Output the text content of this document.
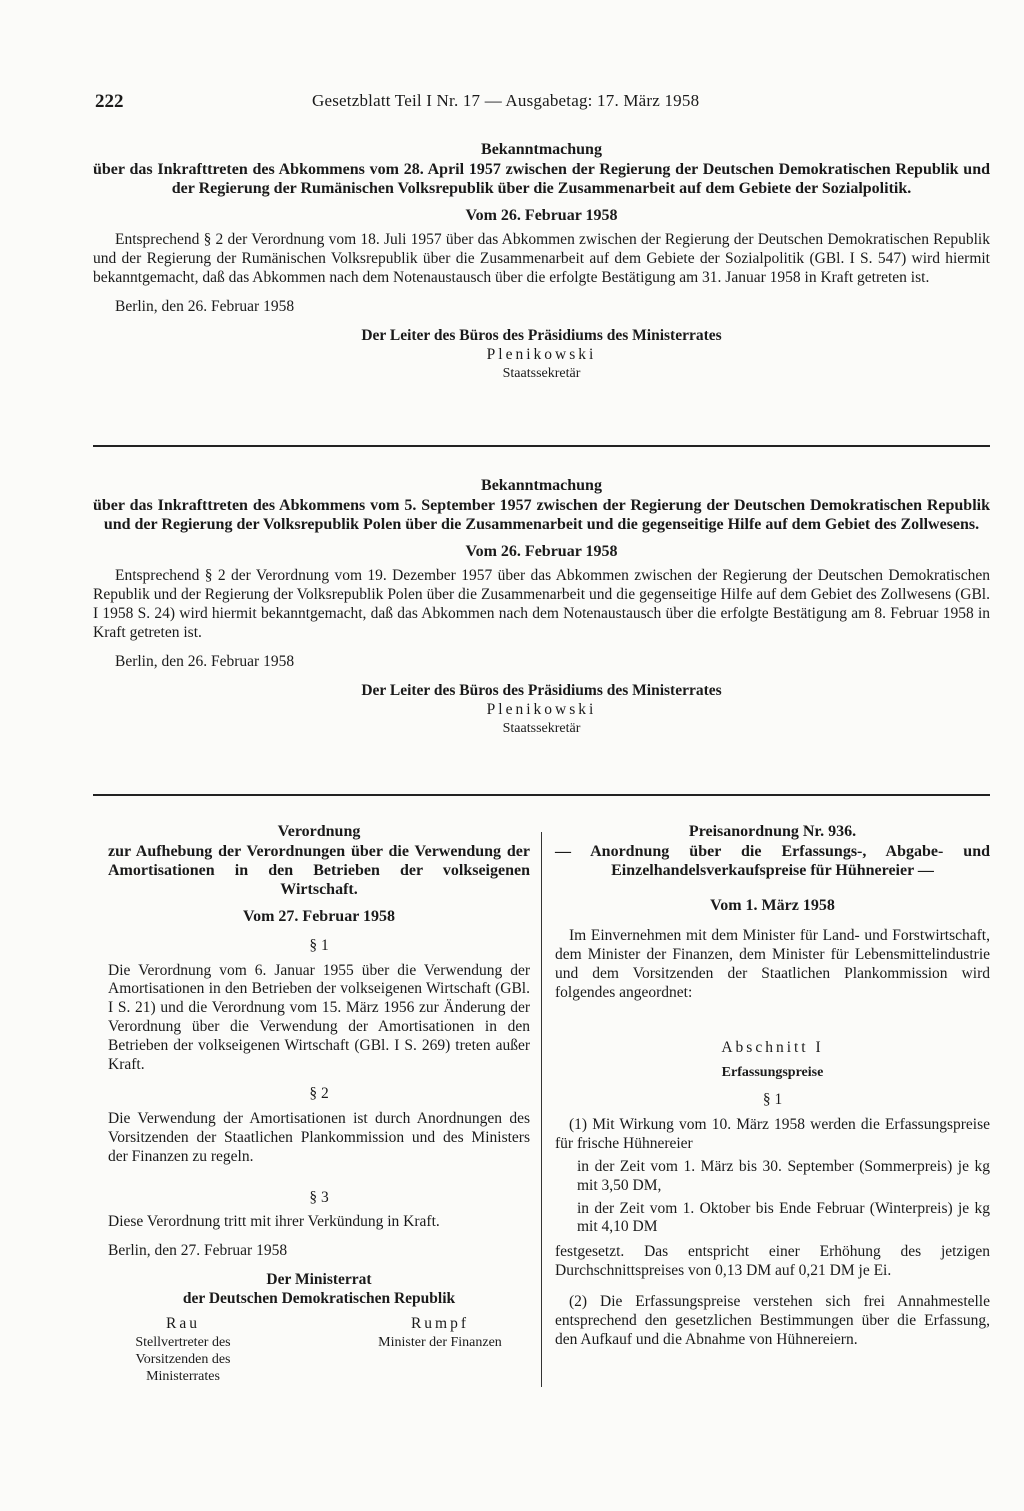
222	Gesetzblatt Teil I Nr. 17 — Ausgabetag: 17. März 1958
Bekanntmachung
über das Inkrafttreten des Abkommens vom 28. April 1957 zwischen der Regierung der Deutschen Demokratischen Republik und der Regierung der Rumänischen Volksrepublik über die Zusammenarbeit auf dem Gebiete der Sozialpolitik.
Vom 26. Februar 1958
Entsprechend § 2 der Verordnung vom 18. Juli 1957 über das Abkommen zwischen der Regierung der Deutschen Demokratischen Republik und der Regierung der Rumänischen Volksrepublik über die Zusammenarbeit auf dem Gebiete der Sozialpolitik (GBl. I S. 547) wird hiermit bekanntgemacht, daß das Abkommen nach dem Notenaustausch über die erfolgte Bestätigung am 31. Januar 1958 in Kraft getreten ist.
Berlin, den 26. Februar 1958
Der Leiter des Büros des Präsidiums des Ministerrates
Plenikowski
Staatssekretär
Bekanntmachung
über das Inkrafttreten des Abkommens vom 5. September 1957 zwischen der Regierung der Deutschen Demokratischen Republik und der Regierung der Volksrepublik Polen über die Zusammenarbeit und die gegenseitige Hilfe auf dem Gebiet des Zollwesens.
Vom 26. Februar 1958
Entsprechend § 2 der Verordnung vom 19. Dezember 1957 über das Abkommen zwischen der Regierung der Deutschen Demokratischen Republik und der Regierung der Volksrepublik Polen über die Zusammenarbeit und die gegenseitige Hilfe auf dem Gebiet des Zollwesens (GBl. I 1958 S. 24) wird hiermit bekanntgemacht, daß das Abkommen nach dem Notenaustausch über die erfolgte Bestätigung am 8. Februar 1958 in Kraft getreten ist.
Berlin, den 26. Februar 1958
Der Leiter des Büros des Präsidiums des Ministerrates
Plenikowski
Staatssekretär
Verordnung
zur Aufhebung der Verordnungen über die Verwendung der Amortisationen in den Betrieben der volkseigenen Wirtschaft.
Vom 27. Februar 1958
§ 1
Die Verordnung vom 6. Januar 1955 über die Verwendung der Amortisationen in den Betrieben der volkseigenen Wirtschaft (GBl. I S. 21) und die Verordnung vom 15. März 1956 zur Änderung der Verordnung über die Verwendung der Amortisationen in den Betrieben der volkseigenen Wirtschaft (GBl. I S. 269) treten außer Kraft.
§ 2
Die Verwendung der Amortisationen ist durch Anordnungen des Vorsitzenden der Staatlichen Plankommission und des Ministers der Finanzen zu regeln.
§ 3
Diese Verordnung tritt mit ihrer Verkündung in Kraft.
Berlin, den 27. Februar 1958
Der Ministerrat
der Deutschen Demokratischen Republik
Rau
Stellvertreter des Vorsitzenden des Ministerrates
Rumpf
Minister der Finanzen
Preisanordnung Nr. 936.
— Anordnung über die Erfassungs-, Abgabe- und Einzelhandelsverkaufspreise für Hühnereier —
Vom 1. März 1958
Im Einvernehmen mit dem Minister für Land- und Forstwirtschaft, dem Minister der Finanzen, dem Minister für Lebensmittelindustrie und dem Vorsitzenden der Staatlichen Plankommission wird folgendes angeordnet:
Abschnitt I
Erfassungspreise
§ 1
(1) Mit Wirkung vom 10. März 1958 werden die Erfassungspreise für frische Hühnereier
in der Zeit vom 1. März bis 30. September (Sommerpreis) je kg mit 3,50 DM,
in der Zeit vom 1. Oktober bis Ende Februar (Winterpreis) je kg mit 4,10 DM
festgesetzt. Das entspricht einer Erhöhung des jetzigen Durchschnittspreises von 0,13 DM auf 0,21 DM je Ei.
(2) Die Erfassungspreise verstehen sich frei Annahmestelle entsprechend den gesetzlichen Bestimmungen über die Erfassung, den Aufkauf und die Abnahme von Hühnereiern.
